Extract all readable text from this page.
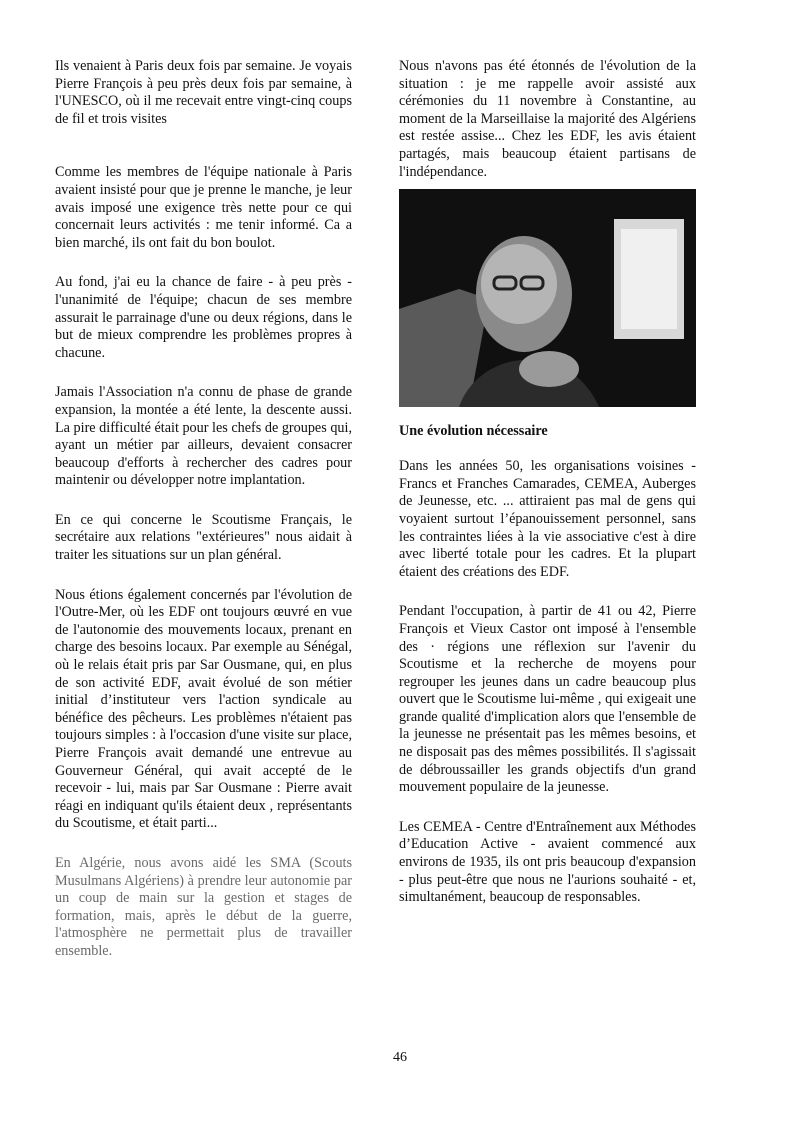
Ils venaient à Paris deux fois par semaine. Je voyais Pierre François à peu près deux fois par semaine, à l'UNESCO, où il me recevait entre vingt-cinq coups de fil et trois visites

Comme les membres de l'équipe nationale à Paris avaient insisté pour que je prenne le manche, je leur avais imposé une exigence très nette pour ce qui concernait leurs activités : me tenir informé. Ca a bien marché, ils ont fait du bon boulot.

Au fond, j'ai eu la chance de faire - à peu près - l'unanimité de l'équipe; chacun de ses membre assurait le parrainage d'une ou deux régions, dans le but de mieux comprendre les problèmes propres à chacune.

Jamais l'Association n'a connu de phase de grande expansion, la montée a été lente, la descente aussi. La pire difficulté était pour les chefs de groupes qui, ayant un métier par ailleurs, devaient consacrer beaucoup d'efforts à rechercher des cadres pour maintenir ou développer notre implantation.

En ce qui concerne le Scoutisme Français, le secrétaire aux relations "extérieures" nous aidait à traiter les situations sur un plan général.

Nous étions également concernés par l'évolution de l'Outre-Mer, où les EDF ont toujours œuvré en vue de l'autonomie des mouvements locaux, prenant en charge des besoins locaux. Par exemple au Sénégal, où le relais était pris par Sar Ousmane, qui, en plus de son activité EDF, avait évolué de son métier initial d’instituteur vers l'action syndicale au bénéfice des pêcheurs. Les problèmes n'étaient pas toujours simples : à l'occasion d'une visite sur place, Pierre François avait demandé une entrevue au Gouverneur Général, qui avait accepté de le recevoir - lui, mais par Sar Ousmane : Pierre avait réagi en indiquant qu'ils étaient deux , représentants du Scoutisme, et était parti...

En Algérie, nous avons aidé les SMA (Scouts Musulmans Algériens) à prendre leur autonomie par un coup de main sur la gestion et stages de formation, mais, après le début de la guerre, l'atmosphère ne permettait plus de travailler ensemble.

Nous n'avons pas été étonnés de l'évolution de la situation : je me rappelle avoir assisté aux cérémonies du 11 novembre à Constantine, au moment de la Marseillaise la majorité des Algériens est restée assise... Chez les EDF, les avis étaient partagés, mais beaucoup étaient partisans de l'indépendance.

Une évolution nécessaire

Dans les années 50, les organisations voisines - Francs et Franches Camarades, CEMEA, Auberges de Jeunesse, etc. ... attiraient pas mal de gens qui voyaient surtout l’épanouissement personnel, sans les contraintes liées à la vie associative c'est à dire avec liberté totale pour les cadres. Et la plupart étaient des créations des EDF.

Pendant l'occupation, à partir de 41 ou 42, Pierre François et Vieux Castor ont imposé à l'ensemble des · régions une réflexion sur l'avenir du Scoutisme et la recherche de moyens pour regrouper les jeunes dans un cadre beaucoup plus ouvert que le Scoutisme lui-même , qui exigeait une grande qualité d'implication alors que l'ensemble de la jeunesse ne présentait pas les mêmes besoins, et ne disposait pas des mêmes possibilités. Il s'agissait de débroussailler les grands objectifs d'un grand mouvement populaire de la jeunesse.

Les CEMEA - Centre d'Entraînement aux Méthodes d’Education Active - avaient commencé aux environs de 1935, ils ont pris beaucoup d'expansion - plus peut-être que nous ne l'aurions souhaité - et, simultanément, beaucoup de responsables.

46
